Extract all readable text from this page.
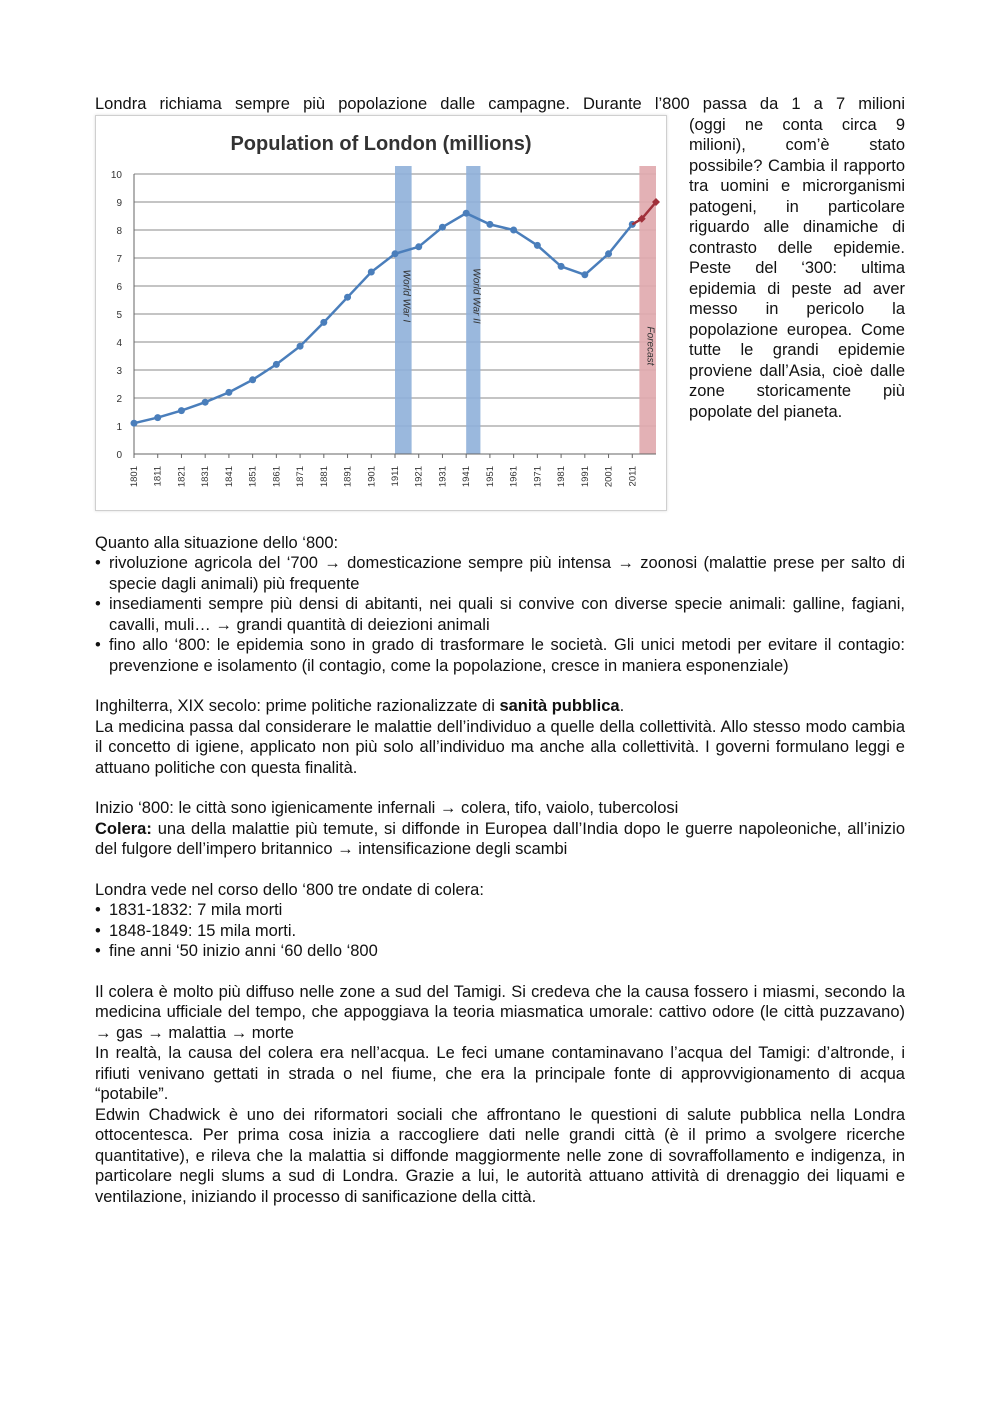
Londra richiama sempre più popolazione dalle campagne. Durante l’800 passa da 1 a 7 milioni

Population of London (millions)
0
1
2
3
4
5
6
7
8
9
10
World War I	World War II
Forecast
1801 1811 1821 1831 1841 1851 1861 1871 1881 1891 1901 1911 1921 1931 1941 1951 1961 1971 1981 1991 2001 2011

(oggi ne conta circa 9 milioni), com’è stato possibile? Cambia il rapporto tra uomini e microrganismi patogeni, in particolare riguardo alle dinamiche di contrasto delle epidemie. Peste del ‘300: ultima epidemia di peste ad aver messo in pericolo la popolazione europea. Come tutte le grandi epidemie proviene dall’Asia, cioè dalle zone storicamente più popolate del pianeta.

Quanto alla situazione dello ‘800:

• rivoluzione agricola del ‘700 → domesticazione sempre più intensa → zoonosi (malattie prese per salto di specie dagli animali) più frequente
• insediamenti sempre più densi di abitanti, nei quali si convive con diverse specie animali: galline, fagiani, cavalli, muli… → grandi quantità di deiezioni animali
• fino allo ‘800: le epidemia sono in grado di trasformare le società. Gli unici metodi per evitare il contagio: prevenzione e isolamento (il contagio, come la popolazione, cresce in maniera esponenziale)

Inghilterra, XIX secolo: prime politiche razionalizzate di sanità pubblica.

La medicina passa dal considerare le malattie dell’individuo a quelle della collettività. Allo stesso modo cambia il concetto di igiene, applicato non più solo all’individuo ma anche alla collettività. I governi formulano leggi e attuano politiche con questa finalità.

Inizio ‘800: le città sono igienicamente infernali → colera, tifo, vaiolo, tubercolosi

Colera: una della malattie più temute, si diffonde in Europea dall’India dopo le guerre napoleoniche, all’inizio del fulgore dell’impero britannico → intensificazione degli scambi

Londra vede nel corso dello ‘800 tre ondate di colera:

• 1831-1832: 7 mila morti
• 1848-1849: 15 mila morti.
• fine anni ‘50 inizio anni ‘60 dello ‘800

Il colera è molto più diffuso nelle zone a sud del Tamigi. Si credeva che la causa fossero i miasmi, secondo la medicina ufficiale del tempo, che appoggiava la teoria miasmatica umorale: cattivo odore (le città puzzavano) → gas → malattia → morte

In realtà, la causa del colera era nell’acqua. Le feci umane contaminavano l’acqua del Tamigi: d’altronde, i rifiuti venivano gettati in strada o nel fiume, che era la principale fonte di approvvigionamento di acqua “potabile”.

Edwin Chadwick è uno dei riformatori sociali che affrontano le questioni di salute pubblica nella Londra ottocentesca. Per prima cosa inizia a raccogliere dati nelle grandi città (è il primo a svolgere ricerche quantitative), e rileva che la malattia si diffonde maggiormente nelle zone di sovraffollamento e indigenza, in particolare negli slums a sud di Londra. Grazie a lui, le autorità attuano attività di drenaggio dei liquami e ventilazione, iniziando il processo di sanificazione della città.
